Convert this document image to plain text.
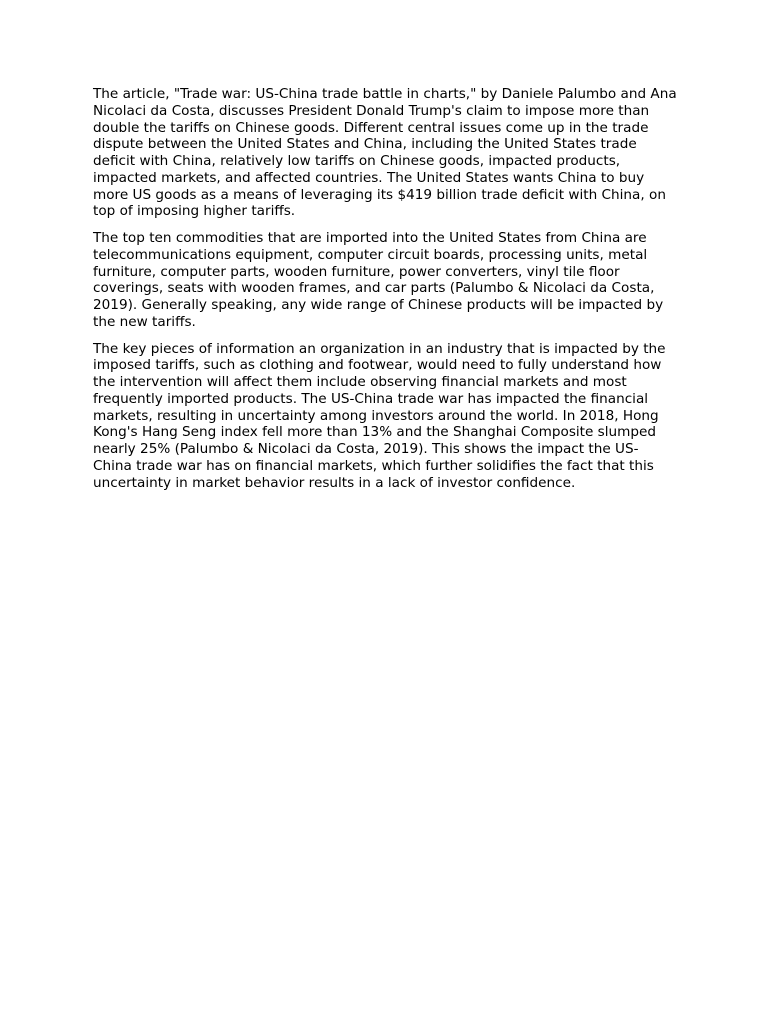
The article, "Trade war: US-China trade battle in charts," by Daniele Palumbo and Ana Nicolaci da Costa, discusses President Donald Trump's claim to impose more than double the tariffs on Chinese goods. Different central issues come up in the trade dispute between the United States and China, including the United States trade deficit with China, relatively low tariffs on Chinese goods, impacted products, impacted markets, and affected countries. The United States wants China to buy more US goods as a means of leveraging its $419 billion trade deficit with China, on top of imposing higher tariffs.

The top ten commodities that are imported into the United States from China are telecommunications equipment, computer circuit boards, processing units, metal furniture, computer parts, wooden furniture, power converters, vinyl tile floor coverings, seats with wooden frames, and car parts (Palumbo & Nicolaci da Costa, 2019). Generally speaking, any wide range of Chinese products will be impacted by the new tariffs.

The key pieces of information an organization in an industry that is impacted by the imposed tariffs, such as clothing and footwear, would need to fully understand how the intervention will affect them include observing financial markets and most frequently imported products. The US-China trade war has impacted the financial markets, resulting in uncertainty among investors around the world. In 2018, Hong Kong's Hang Seng index fell more than 13% and the Shanghai Composite slumped nearly 25% (Palumbo & Nicolaci da Costa, 2019). This shows the impact the US-China trade war has on financial markets, which further solidifies the fact that this uncertainty in market behavior results in a lack of investor confidence.
